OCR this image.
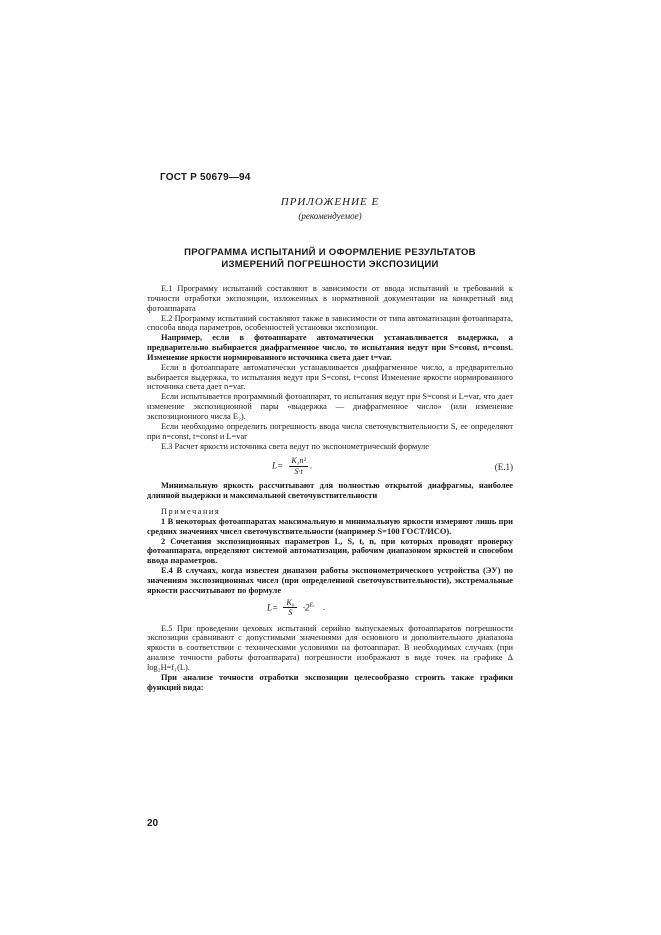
ГОСТ Р 50679—94
ПРИЛОЖЕНИЕ Е
(рекомендуемое)
ПРОГРАММА ИСПЫТАНИЙ И ОФОРМЛЕНИЕ РЕЗУЛЬТАТОВ
ИЗМЕРЕНИЙ ПОГРЕШНОСТИ ЭКСПОЗИЦИИ

Е.1 Программу испытаний составляют в зависимости от ввода испытаний и требований к точности отработки экспозиции, изложенных в нормативной документации на конкретный вид фотоаппарата

Е.2 Программу испытаний составляют также в зависимости от типа автоматизации фотоаппарата, способа ввода параметров, особенностей установки экспозиции.

Например, если в фотоаппарате автоматически устанавливается выдержка, а предварительно выбирается диафрагменное число, то испытания ведут при S=const, n=const. Изменение яркости нормированного источника света дает t=var.

Если в фотоаппарате автоматически устанавливается диафрагменное число, а предварительно выбирается выдержка, то испытания ведут при S=const, t=const Изменение яркости нормированного источника света дает n=var.

Если испытывается программный фотоаппарат, то испытания ведут при S=const и L=var, что дает изменение экспозиционной пары «выдержка — диафрагменное число» (или изменение экспозиционного числа Е₂).

Если необходимо определить погрешность ввода числа светочувствительности S, ее определяют при n=const, t=const и L=var

Е.3 Расчет яркости источника света ведут по экспонометрической формуле

$L= \frac{\text{K₁n²}}{S\cdot t}$ .	(Е.1)

Минимальную яркость рассчитывают для полностью открытой диафрагмы, наиболее длинной выдержки и максимальной светочувствительности

Примечания

1 В некоторых фотоаппаратах максимальную и минимальную яркости измеряют лишь при средних значениях чисел светочувствительности (например S=100 ГОСТ/ИСО).

2 Сочетания экспозиционных параметров L, S, t, n, при которых проводят проверку фотоаппарата, определяют системой автоматизации, рабочим диапазоном яркостей и способом ввода параметров.

Е.4 В случаях, когда известен диапазон работы экспонометрического устройства (ЭУ) по значениям экспозиционных чисел (при определенной светочувствительности), экстремальные яркости рассчитывают по формуле

$L= \frac{\text{K₀}}{S} \cdot 2^{Eᵥ}$ .

Е.5 При проведении цеховых испытаний серийно выпускаемых фотоаппаратов погрешности экспозиции сравнивают с допустимыми значениями для основного и дополнительного диапазона яркости в соответствии с техническими условиями на фотоаппарат. В необходимых случаях (при анализе точности работы фотоаппарата) погрешности изображают в виде точек на графике Δ log₂H=f₁(L).

При анализе точности отработки экспозиции целесообразно строить также графики функций вида:

20
